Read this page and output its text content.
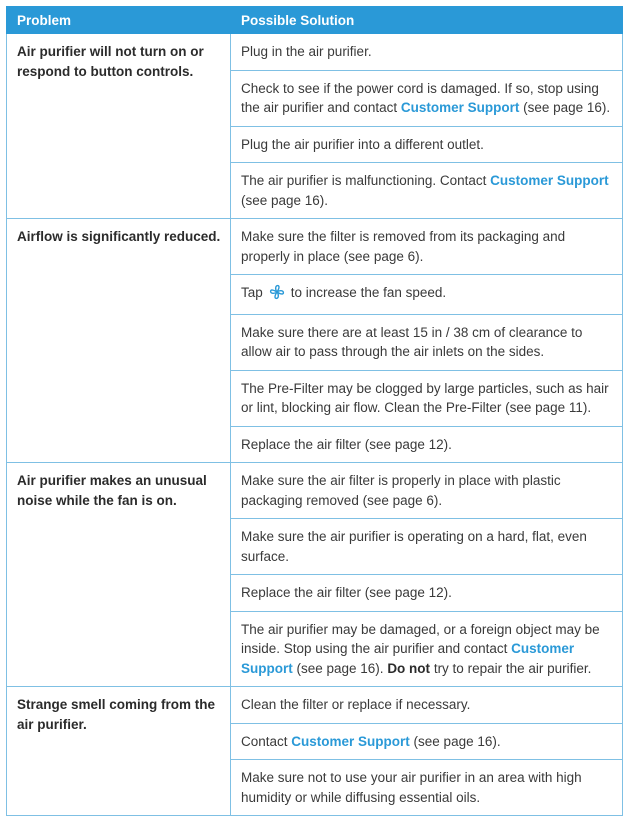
Problem	Possible Solution
Air purifier will not turn on or respond to button controls.	Plug in the air purifier.
	Check to see if the power cord is damaged. If so, stop using the air purifier and contact Customer Support (see page 16).
	Plug the air purifier into a different outlet.
	The air purifier is malfunctioning. Contact Customer Support (see page 16).
Airflow is significantly reduced.	Make sure the filter is removed from its packaging and properly in place (see page 6).
	Tap to increase the fan speed.
	Make sure there are at least 15 in / 38 cm of clearance to allow air to pass through the air inlets on the sides.
	The Pre-Filter may be clogged by large particles, such as hair or lint, blocking air flow. Clean the Pre-Filter (see page 11).
	Replace the air filter (see page 12).
Air purifier makes an unusual noise while the fan is on.	Make sure the air filter is properly in place with plastic packaging removed (see page 6).
	Make sure the air purifier is operating on a hard, flat, even surface.
	Replace the air filter (see page 12).
	The air purifier may be damaged, or a foreign object may be inside. Stop using the air purifier and contact Customer Support (see page 16). Do not try to repair the air purifier.
Strange smell coming from the air purifier.	Clean the filter or replace if necessary.
	Contact Customer Support (see page 16).
	Make sure not to use your air purifier in an area with high humidity or while diffusing essential oils.
